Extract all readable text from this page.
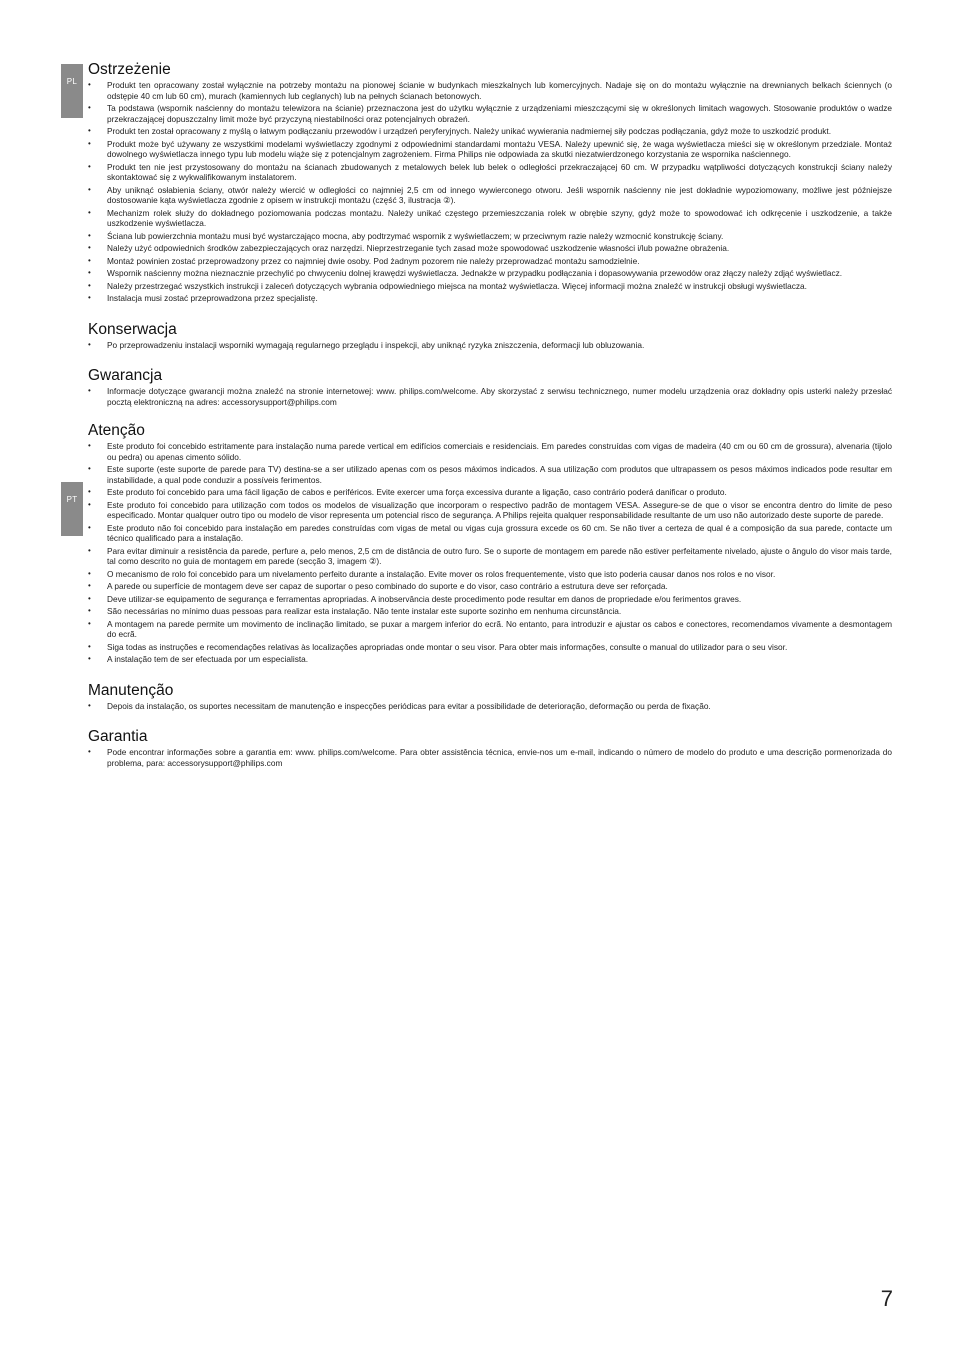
PL
PT
Ostrzeżenie
• Produkt ten opracowany został wyłącznie na potrzeby montażu na pionowej ścianie w budynkach mieszkalnych lub komercyjnych. Nadaje się on do montażu wyłącznie na drewnianych belkach ściennych (o odstępie 40 cm lub 60 cm), murach (kamiennych lub ceglanych) lub na pełnych ścianach betonowych.
• Ta podstawa (wspornik naścienny do montażu telewizora na ścianie) przeznaczona jest do użytku wyłącznie z urządzeniami mieszczącymi się w określonych limitach wagowych. Stosowanie produktów o wadze przekraczającej dopuszczalny limit może być przyczyną niestabilności oraz potencjalnych obrażeń.
• Produkt ten został opracowany z myślą o łatwym podłączaniu przewodów i urządzeń peryferyjnych. Należy unikać wywierania nadmiernej siły podczas podłączania, gdyż może to uszkodzić produkt.
• Produkt może być używany ze wszystkimi modelami wyświetlaczy zgodnymi z odpowiednimi standardami montażu VESA. Należy upewnić się, że waga wyświetlacza mieści się w określonym przedziale. Montaż dowolnego wyświetlacza innego typu lub modelu wiąże się z potencjalnym zagrożeniem. Firma Philips nie odpowiada za skutki niezatwierdzonego korzystania ze wspornika naściennego.
• Produkt ten nie jest przystosowany do montażu na ścianach zbudowanych z metalowych belek lub belek o odległości przekraczającej 60 cm. W przypadku wątpliwości dotyczących konstrukcji ściany należy skontaktować się z wykwalifikowanym instalatorem.
• Aby uniknąć osłabienia ściany, otwór należy wiercić w odległości co najmniej 2,5 cm od innego wywierconego otworu. Jeśli wspornik naścienny nie jest dokładnie wypoziomowany, możliwe jest późniejsze dostosowanie kąta wyświetlacza zgodnie z opisem w instrukcji montażu (część 3, ilustracja ②).
• Mechanizm rolek służy do dokładnego poziomowania podczas montażu. Należy unikać częstego przemieszczania rolek w obrębie szyny, gdyż może to spowodować ich odkręcenie i uszkodzenie, a także uszkodzenie wyświetlacza.
• Ściana lub powierzchnia montażu musi być wystarczająco mocna, aby podtrzymać wspornik z wyświetlaczem; w przeciwnym razie należy wzmocnić konstrukcję ściany.
• Należy użyć odpowiednich środków zabezpieczających oraz narzędzi. Nieprzestrzeganie tych zasad może spowodować uszkodzenie własności i/lub poważne obrażenia.
• Montaż powinien zostać przeprowadzony przez co najmniej dwie osoby. Pod żadnym pozorem nie należy przeprowadzać montażu samodzielnie.
• Wspornik naścienny można nieznacznie przechylić po chwyceniu dolnej krawędzi wyświetlacza. Jednakże w przypadku podłączania i dopasowywania przewodów oraz złączy należy zdjąć wyświetlacz.
• Należy przestrzegać wszystkich instrukcji i zaleceń dotyczących wybrania odpowiedniego miejsca na montaż wyświetlacza. Więcej informacji można znaleźć w instrukcji obsługi wyświetlacza.
• Instalacja musi zostać przeprowadzona przez specjalistę.
Konserwacja
• Po przeprowadzeniu instalacji wsporniki wymagają regularnego przeglądu i inspekcji, aby uniknąć ryzyka zniszczenia, deformacji lub obluzowania.
Gwarancja
• Informacje dotyczące gwarancji można znaleźć na stronie internetowej: www. philips.com/welcome. Aby skorzystać z serwisu technicznego, numer modelu urządzenia oraz dokładny opis usterki należy przesłać pocztą elektroniczną na adres: accessorysupport@philips.com
Atenção
• Este produto foi concebido estritamente para instalação numa parede vertical em edifícios comerciais e residenciais. Em paredes construídas com vigas de madeira (40 cm ou 60 cm de grossura), alvenaria (tijolo ou pedra) ou apenas cimento sólido.
• Este suporte (este suporte de parede para TV) destina-se a ser utilizado apenas com os pesos máximos indicados. A sua utilização com produtos que ultrapassem os pesos máximos indicados pode resultar em instabilidade, a qual pode conduzir a possíveis ferimentos.
• Este produto foi concebido para uma fácil ligação de cabos e periféricos. Evite exercer uma força excessiva durante a ligação, caso contrário poderá danificar o produto.
• Este produto foi concebido para utilização com todos os modelos de visualização que incorporam o respectivo padrão de montagem VESA. Assegure-se de que o visor se encontra dentro do limite de peso especificado. Montar qualquer outro tipo ou modelo de visor representa um potencial risco de segurança. A Philips rejeita qualquer responsabilidade resultante de um uso não autorizado deste suporte de parede.
• Este produto não foi concebido para instalação em paredes construídas com vigas de metal ou vigas cuja grossura excede os 60 cm. Se não tiver a certeza de qual é a composição da sua parede, contacte um técnico qualificado para a instalação.
• Para evitar diminuir a resistência da parede, perfure a, pelo menos, 2,5 cm de distância de outro furo. Se o suporte de montagem em parede não estiver perfeitamente nivelado, ajuste o ângulo do visor mais tarde, tal como descrito no guia de montagem em parede (secção 3, imagem ②).
• O mecanismo de rolo foi concebido para um nivelamento perfeito durante a instalação. Evite mover os rolos frequentemente, visto que isto poderia causar danos nos rolos e no visor.
• A parede ou superfície de montagem deve ser capaz de suportar o peso combinado do suporte e do visor, caso contrário a estrutura deve ser reforçada.
• Deve utilizar-se equipamento de segurança e ferramentas apropriadas. A inobservância deste procedimento pode resultar em danos de propriedade e/ou ferimentos graves.
• São necessárias no mínimo duas pessoas para realizar esta instalação. Não tente instalar este suporte sozinho em nenhuma circunstância.
• A montagem na parede permite um movimento de inclinação limitado, se puxar a margem inferior do ecrã. No entanto, para introduzir e ajustar os cabos e conectores, recomendamos vivamente a desmontagem do ecrã.
• Siga todas as instruções e recomendações relativas às localizações apropriadas onde montar o seu visor. Para obter mais informações, consulte o manual do utilizador para o seu visor.
• A instalação tem de ser efectuada por um especialista.
Manutenção
• Depois da instalação, os suportes necessitam de manutenção e inspecções periódicas para evitar a possibilidade de deterioração, deformação ou perda de fixação.
Garantia
• Pode encontrar informações sobre a garantia em: www. philips.com/welcome. Para obter assistência técnica, envie-nos um e-mail, indicando o número de modelo do produto e uma descrição pormenorizada do problema, para: accessorysupport@philips.com
7
